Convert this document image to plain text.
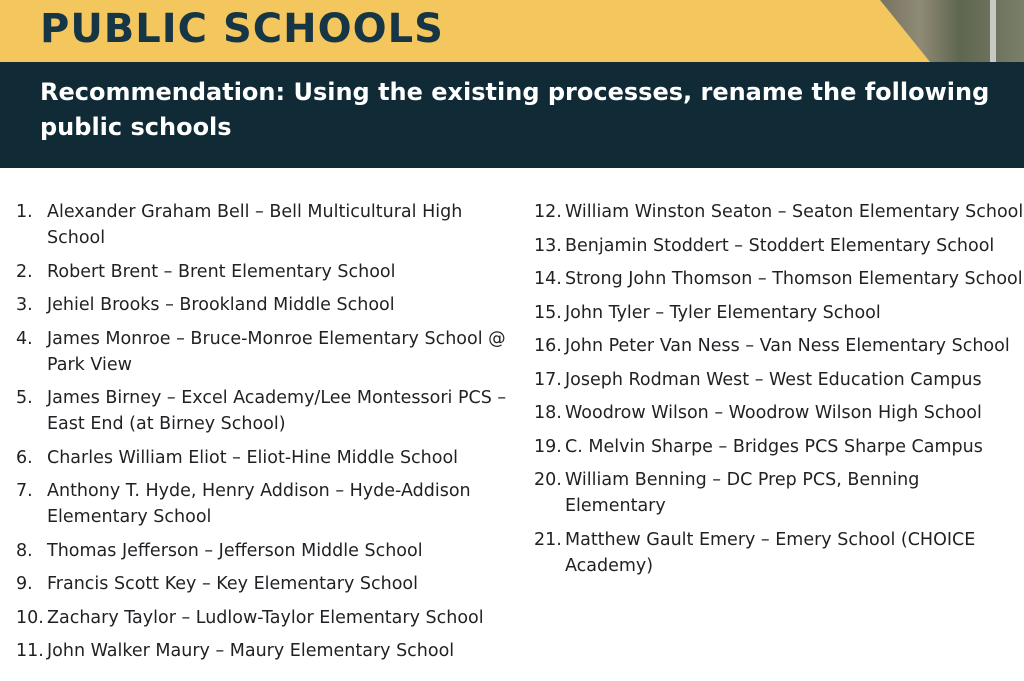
PUBLIC SCHOOLS
Recommendation: Using the existing processes, rename the following public schools
1. Alexander Graham Bell – Bell Multicultural High School
2. Robert Brent – Brent Elementary School
3. Jehiel Brooks – Brookland Middle School
4. James Monroe – Bruce-Monroe Elementary School @ Park View
5. James Birney – Excel Academy/Lee Montessori PCS – East End (at Birney School)
6. Charles William Eliot – Eliot-Hine Middle School
7. Anthony T. Hyde, Henry Addison – Hyde-Addison Elementary School
8. Thomas Jefferson – Jefferson Middle School
9. Francis Scott Key – Key Elementary School
10. Zachary Taylor – Ludlow-Taylor Elementary School
11. John Walker Maury – Maury Elementary School
12. William Winston Seaton – Seaton Elementary School
13. Benjamin Stoddert – Stoddert Elementary School
14. Strong John Thomson – Thomson Elementary School
15. John Tyler – Tyler Elementary School
16. John Peter Van Ness – Van Ness Elementary School
17. Joseph Rodman West – West Education Campus
18. Woodrow Wilson – Woodrow Wilson High School
19. C. Melvin Sharpe – Bridges PCS Sharpe Campus
20. William Benning – DC Prep PCS, Benning Elementary
21. Matthew Gault Emery – Emery School (CHOICE Academy)
